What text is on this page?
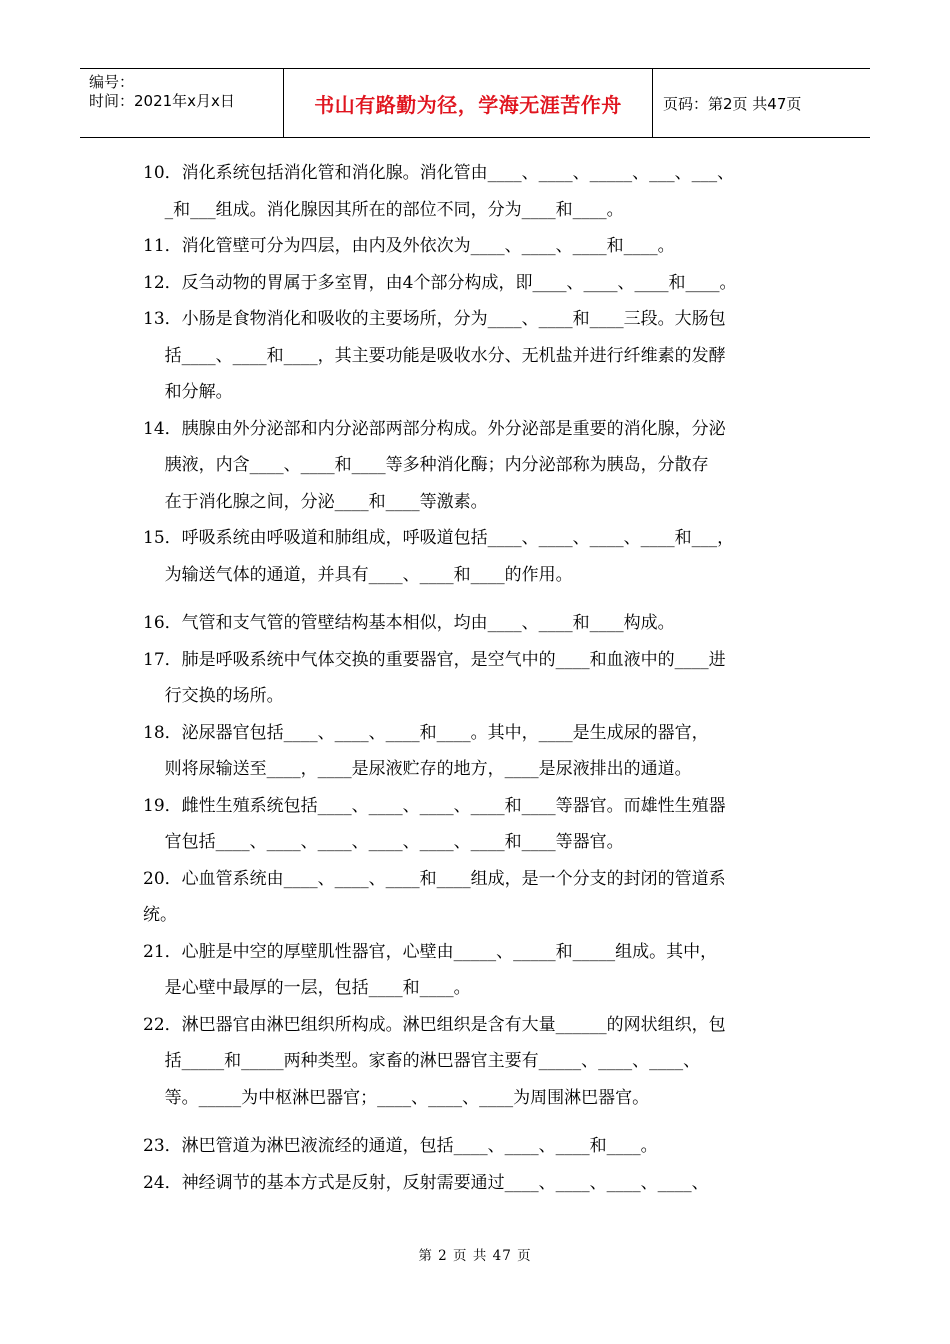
编号：
时间：2021年x月x日	书山有路勤为径，学海无涯苦作舟	页码：第2页 共47页
10．消化系统包括消化管和消化腺。消化管由____、____、_____、___、___、
_和___组成。消化腺因其所在的部位不同，分为____和____。
11．消化管壁可分为四层，由内及外依次为____、____、____和____。
12．反刍动物的胃属于多室胃，由4个部分构成，即____、____、____和____。
13．小肠是食物消化和吸收的主要场所，分为____、____和____三段。大肠包
括____、____和____，其主要功能是吸收水分、无机盐并进行纤维素的发酵
和分解。
14．胰腺由外分泌部和内分泌部两部分构成。外分泌部是重要的消化腺，分泌
胰液，内含____、____和____等多种消化酶；内分泌部称为胰岛，分散存
在于消化腺之间，分泌____和____等激素。
15．呼吸系统由呼吸道和肺组成，呼吸道包括____、____、____、____和___，
为输送气体的通道，并具有____、____和____的作用。
16．气管和支气管的管壁结构基本相似，均由____、____和____构成。
17．肺是呼吸系统中气体交换的重要器官，是空气中的____和血液中的____进
行交换的场所。
18．泌尿器官包括____、____、____和____。其中，____是生成尿的器官，
则将尿输送至____，____是尿液贮存的地方，____是尿液排出的通道。
19．雌性生殖系统包括____、____、____、____和____等器官。而雄性生殖器
官包括____、____、____、____、____、____和____等器官。
20．心血管系统由____、____、____和____组成，是一个分支的封闭的管道系
统。
21．心脏是中空的厚壁肌性器官，心壁由_____、_____和_____组成。其中，
是心壁中最厚的一层，包括____和____。
22．淋巴器官由淋巴组织所构成。淋巴组织是含有大量______的网状组织，包
括_____和_____两种类型。家畜的淋巴器官主要有_____、____、____、
等。_____为中枢淋巴器官；____、____、____为周围淋巴器官。
23．淋巴管道为淋巴液流经的通道，包括____、____、____和____。
24．神经调节的基本方式是反射，反射需要通过____、____、____、____、
第 2 页 共 47 页
